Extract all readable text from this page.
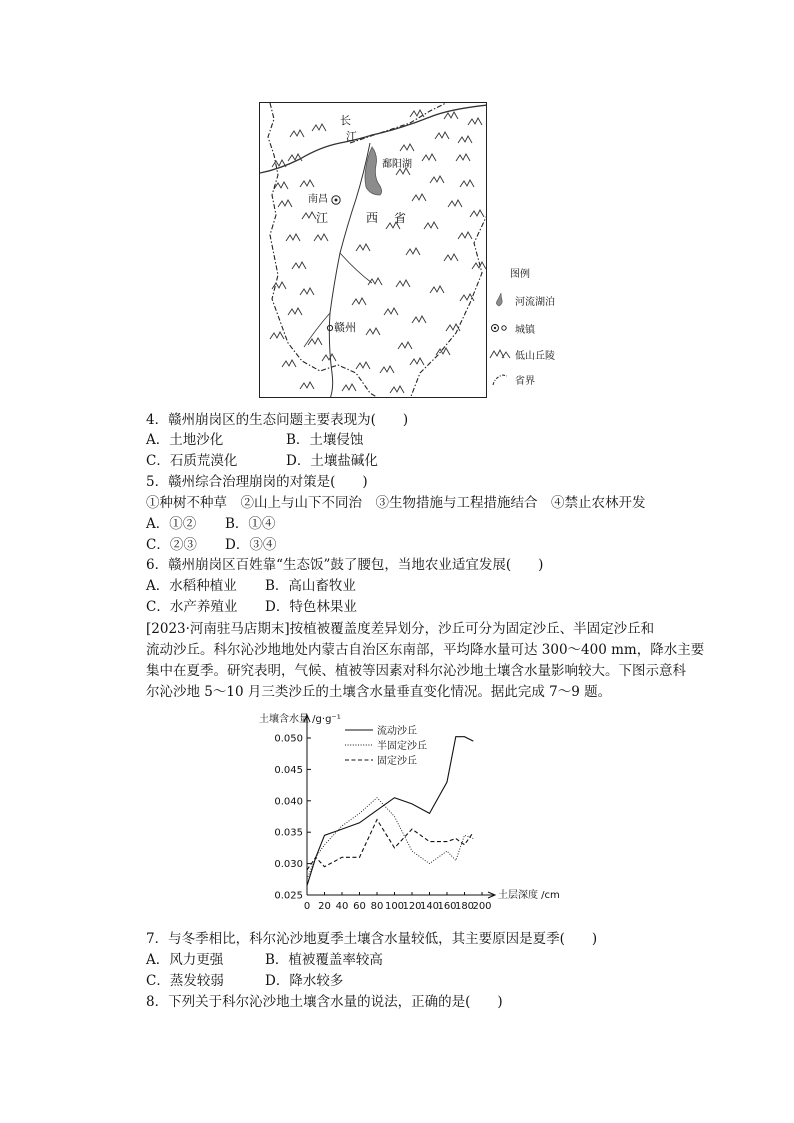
长
江
鄱阳湖
南昌
江	西 省
赣州
图例
河流湖泊
城镇
低山丘陵
省界
4．赣州崩岗区的生态问题主要表现为(　　)
A．土地沙化	B．土壤侵蚀
C．石质荒漠化	D．土壤盐碱化
5．赣州综合治理崩岗的对策是(　　)
①种树不种草　②山上与山下不同治　③生物措施与工程措施结合　④禁止农林开发
A．①② B．①④
C．②③ D．③④
6．赣州崩岗区百姓靠“生态饭”鼓了腰包，当地农业适宜发展(　　)
A．水稻种植业 B．高山畜牧业
C．水产养殖业 D．特色林果业
[2023·河南驻马店期末]按植被覆盖度差异划分，沙丘可分为固定沙丘、半固定沙丘和
流动沙丘。科尔沁沙地地处内蒙古自治区东南部，平均降水量可达 300～400 mm，降水主要
集中在夏季。研究表明，气候、植被等因素对科尔沁沙地土壤含水量影响较大。下图示意科
尔沁沙地 5～10 月三类沙丘的土壤含水量垂直变化情况。据此完成 7～9 题。
0.025
0.030
0.035
0.040
0.045
0.050
0 20 40 60 80 100
120
140
160
180
200
土壤含水量 /g·g⁻¹
土层深度 /cm
流动沙丘
半固定沙丘
固定沙丘
7．与冬季相比，科尔沁沙地夏季土壤含水量较低，其主要原因是夏季(　　)
A．风力更强	B．植被覆盖率较高
C．蒸发较弱	D．降水较多
8．下列关于科尔沁沙地土壤含水量的说法，正确的是(　　)
